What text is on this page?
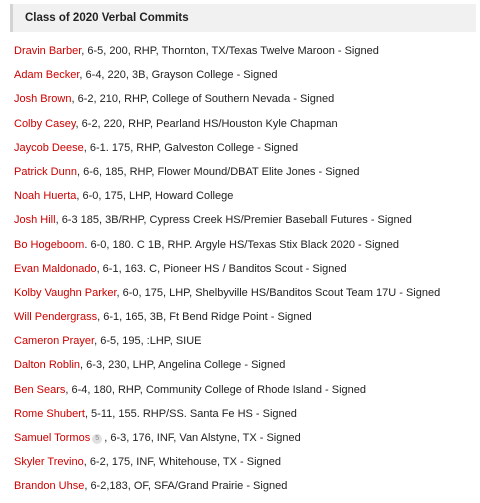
Class of 2020 Verbal Commits
Dravin Barber, 6-5, 200, RHP, Thornton, TX/Texas Twelve Maroon - Signed
Adam Becker, 6-4, 220, 3B, Grayson College - Signed
Josh Brown, 6-2, 210, RHP, College of Southern Nevada - Signed
Colby Casey, 6-2, 220, RHP, Pearland HS/Houston Kyle Chapman
Jaycob Deese, 6-1. 175, RHP, Galveston College - Signed
Patrick Dunn, 6-6, 185, RHP, Flower Mound/DBAT Elite Jones - Signed
Noah Huerta, 6-0, 175, LHP, Howard College
Josh Hill, 6-3 185, 3B/RHP, Cypress Creek HS/Premier Baseball Futures - Signed
Bo Hogeboom. 6-0, 180. C 1B, RHP. Argyle HS/Texas Stix Black 2020 - Signed
Evan Maldonado, 6-1, 163. C, Pioneer HS / Banditos Scout - Signed
Kolby Vaughn Parker, 6-0, 175, LHP, Shelbyville HS/Banditos Scout Team 17U - Signed
Will Pendergrass, 6-1, 165, 3B, Ft Bend Ridge Point - Signed
Cameron Prayer, 6-5, 195, :LHP, SIUE
Dalton Roblin, 6-3, 230, LHP, Angelina College - Signed
Ben Sears, 6-4, 180, RHP, Community College of Rhode Island - Signed
Rome Shubert, 5-11, 155. RHP/SS. Santa Fe HS - Signed
Samuel Tormos 5 , 6-3, 176, INF, Van Alstyne, TX - Signed
Skyler Trevino, 6-2, 175, INF, Whitehouse, TX - Signed
Brandon Uhse, 6-2,183, OF, SFA/Grand Prairie - Signed
